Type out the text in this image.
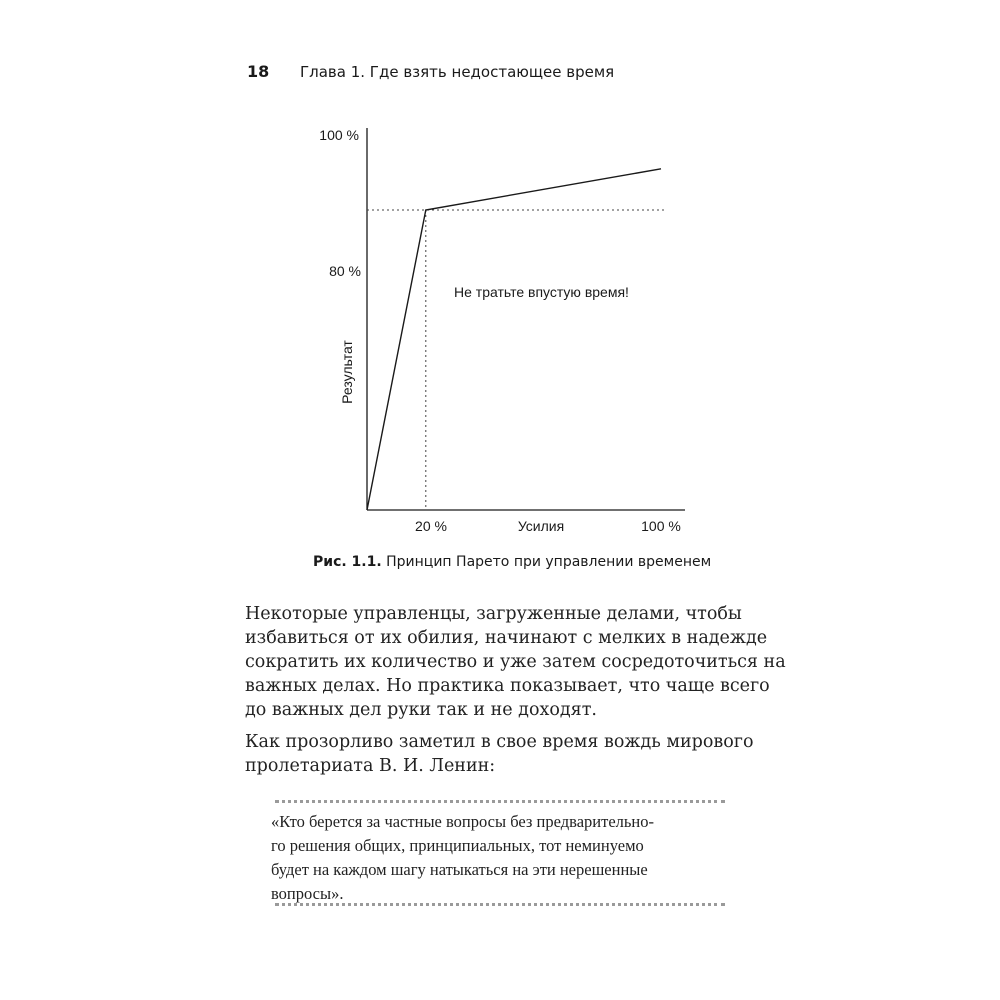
18 Глава 1. Где взять недостающее время
100 %
80 %
20 %	Усилия	100 %
Результат
Не тратьте впустую время!
Рис. 1.1. Принцип Парето при управлении временем
Некоторые управленцы, загруженные делами, чтобы
избавиться от их обилия, начинают с мелких в надежде
сократить их количество и уже затем сосредоточиться на
важных делах. Но практика показывает, что чаще всего
до важных дел руки так и не доходят.
Как прозорливо заметил в свое время вождь мирового
пролетариата В. И. Ленин:
«Кто берется за частные вопросы без предварительно-
го решения общих, принципиальных, тот неминуемо
будет на каждом шагу натыкаться на эти нерешенные
вопросы».
